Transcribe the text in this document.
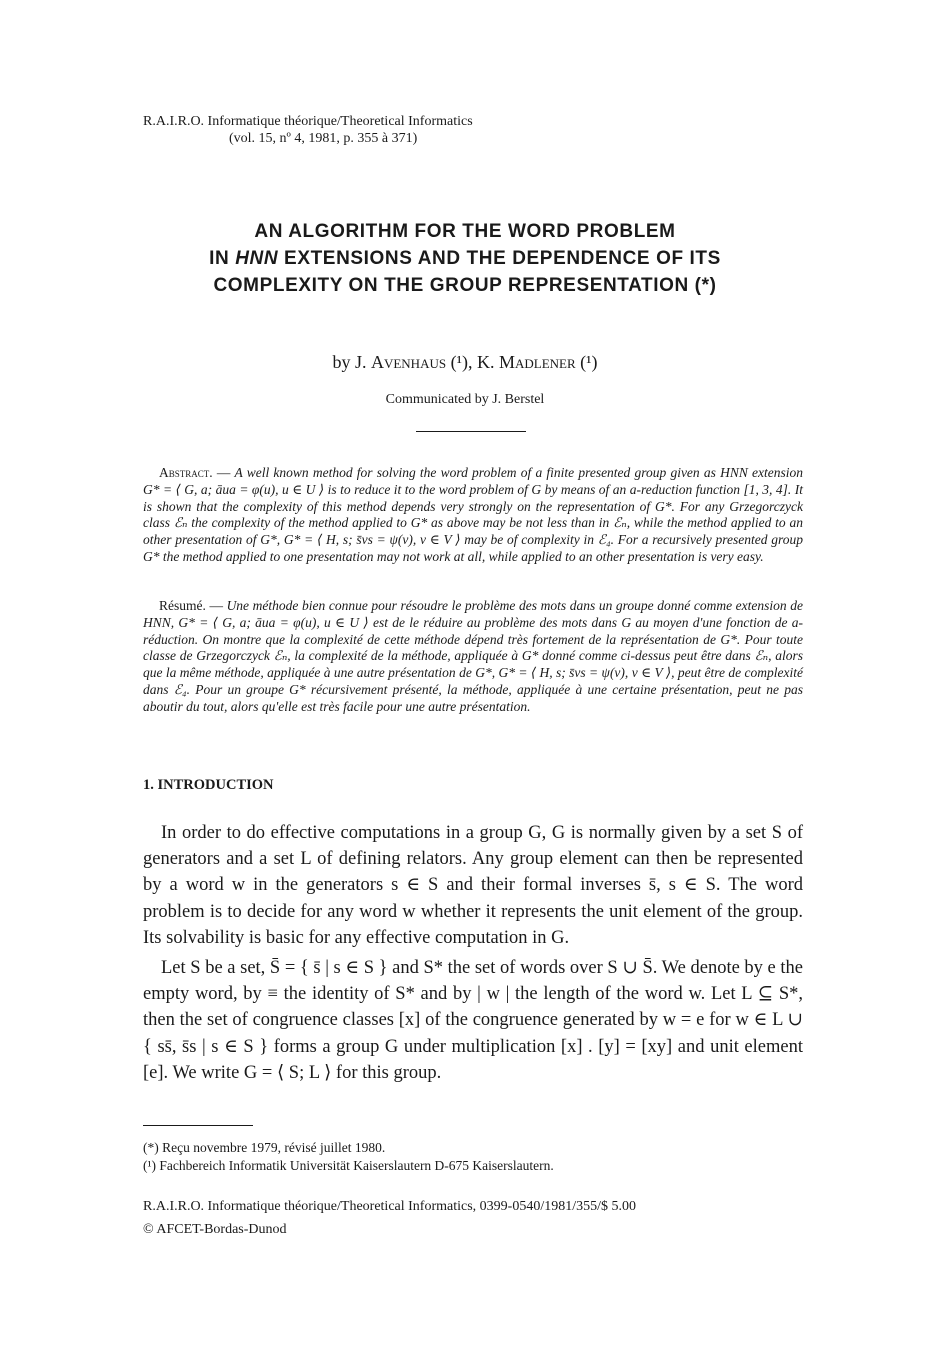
R.A.I.R.O. Informatique théorique/Theoretical Informatics
(vol. 15, nº 4, 1981, p. 355 à 371)
AN ALGORITHM FOR THE WORD PROBLEM
IN HNN EXTENSIONS AND THE DEPENDENCE OF ITS
COMPLEXITY ON THE GROUP REPRESENTATION (*)
by J. Avenhaus (¹), K. Madlener (¹)
Communicated by J. Berstel
Abstract. — A well known method for solving the word problem of a finite presented group given as HNN extension G* = ⟨ G, a; āua = φ(u), u ∈ U ⟩ is to reduce it to the word problem of G by means of an a-reduction function [1, 3, 4]. It is shown that the complexity of this method depends very strongly on the representation of G*. For any Grzegorczyck class ℰₙ the complexity of the method applied to G* as above may be not less than in ℰₙ, while the method applied to an other presentation of G*, G* = ⟨ H, s; s̄vs = ψ(v), v ∈ V ⟩ may be of complexity in ℰ₄. For a recursively presented group G* the method applied to one presentation may not work at all, while applied to an other presentation is very easy.
Résumé. — Une méthode bien connue pour résoudre le problème des mots dans un groupe donné comme extension de HNN, G* = ⟨ G, a; āua = φ(u), u ∈ U ⟩ est de le réduire au problème des mots dans G au moyen d'une fonction de a-réduction. On montre que la complexité de cette méthode dépend très fortement de la représentation de G*. Pour toute classe de Grzegorczyck ℰₙ, la complexité de la méthode, appliquée à G* donné comme ci-dessus peut être dans ℰₙ, alors que la même méthode, appliquée à une autre présentation de G*, G* = ⟨ H, s; s̄vs = ψ(v), v ∈ V ⟩, peut être de complexité dans ℰ₄. Pour un groupe G* récursivement présenté, la méthode, appliquée à une certaine présentation, peut ne pas aboutir du tout, alors qu'elle est très facile pour une autre présentation.
1. INTRODUCTION
In order to do effective computations in a group G, G is normally given by a set S of generators and a set L of defining relators. Any group element can then be represented by a word w in the generators s ∈ S and their formal inverses s̄, s ∈ S. The word problem is to decide for any word w whether it represents the unit element of the group. Its solvability is basic for any effective computation in G.
Let S be a set, S̄ = { s̄ | s ∈ S } and S* the set of words over S ∪ S̄. We denote by e the empty word, by ≡ the identity of S* and by | w | the length of the word w. Let L ⊆ S*, then the set of congruence classes [x] of the congruence generated by w = e for w ∈ L ∪ { ss̄, s̄s | s ∈ S } forms a group G under multiplication [x] . [y] = [xy] and unit element [e]. We write G = ⟨ S; L ⟩ for this group.
(*) Reçu novembre 1979, révisé juillet 1980.
(¹) Fachbereich Informatik Universität Kaiserslautern D-675 Kaiserslautern.
R.A.I.R.O. Informatique théorique/Theoretical Informatics, 0399-0540/1981/355/$ 5.00
© AFCET-Bordas-Dunod
